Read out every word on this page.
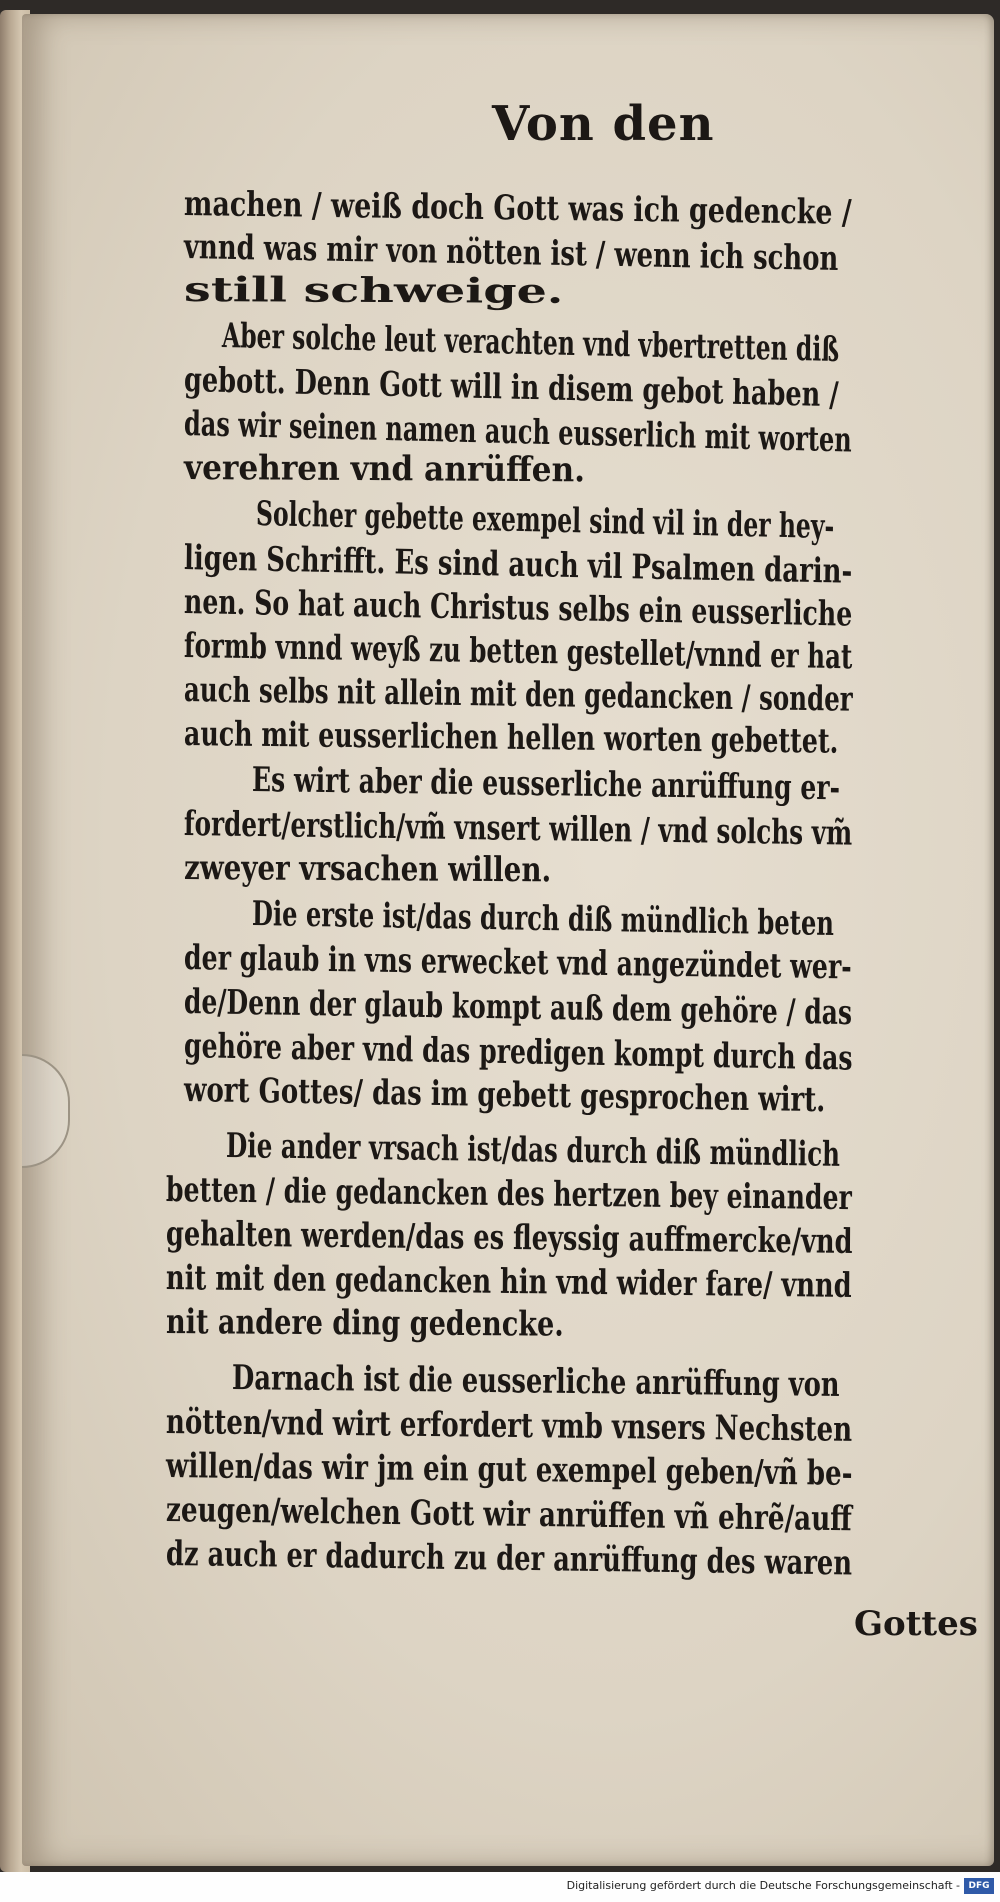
Von den

machen / weiß doch Gott was ich gedencke /

vnnd was mir von nötten ist / wenn ich schon

still schweige.

Aber solche leut verachten vnd vbertretten diß

gebott. Denn Gott will in disem gebot haben /

das wir seinen namen auch eusserlich mit worten

verehren vnd anrüffen.

Solcher gebette exempel sind vil in der hey-

ligen Schrifft. Es sind auch vil Psalmen darin-

nen. So hat auch Christus selbs ein eusserliche

formb vnnd weyß zu betten gestellet/vnnd er hat

auch selbs nit allein mit den gedancken / sonder

auch mit eusserlichen hellen worten gebettet.

Es wirt aber die eusserliche anrüffung er-

fordert/erstlich/vm̃ vnsert willen / vnd solchs vm̃

zweyer vrsachen willen.

Die erste ist/das durch diß mündlich beten

der glaub in vns erwecket vnd angezündet wer-

de/Denn der glaub kompt auß dem gehöre / das

gehöre aber vnd das predigen kompt durch das

wort Gottes/ das im gebett gesprochen wirt.

Die ander vrsach ist/das durch diß mündlich

betten / die gedancken des hertzen bey einander

gehalten werden/das es fleyssig auffmercke/vnd

nit mit den gedancken hin vnd wider fare/ vnnd

nit andere ding gedencke.

Darnach ist die eusserliche anrüffung von

nötten/vnd wirt erfordert vmb vnsers Nechsten

willen/das wir jm ein gut exempel geben/vñ be-

zeugen/welchen Gott wir anrüffen vñ ehrẽ/auff

dz auch er dadurch zu der anrüffung des waren

Gottes
Digitalisierung gefördert durch die Deutsche Forschungsgemeinschaft - DFG
